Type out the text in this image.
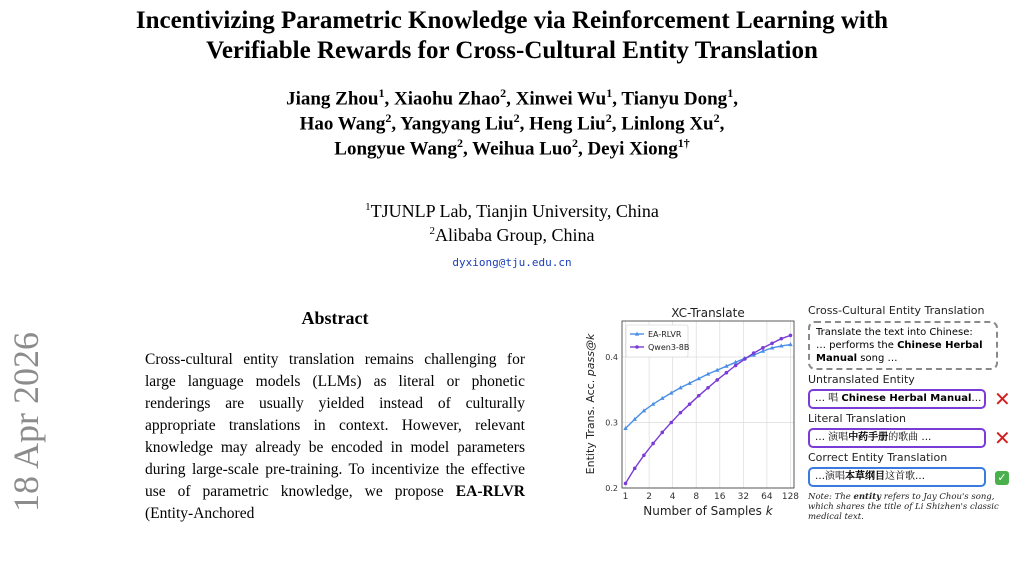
Incentivizing Parametric Knowledge via Reinforcement Learning with
Verifiable Rewards for Cross-Cultural Entity Translation
Jiang Zhou$^1$, Xiaohu Zhao$^2$, Xinwei Wu$^1$, Tianyu Dong$^1$,
Hao Wang$^2$, Yangyang Liu$^2$, Heng Liu$^2$, Linlong Xu$^2$,
Longyue Wang$^2$, Weihua Luo$^2$, Deyi Xiong$^{1\dagger}$
$^1$TJUNLP Lab, Tianjin University, China
$^2$Alibaba Group, China
dyxiong@tju.edu.cn
18 Apr 2026
Abstract
Cross-cultural entity translation remains challenging for large language models (LLMs) as literal or phonetic renderings are usually yielded instead of culturally appropriate translations in context. However, relevant knowledge may already be encoded in model parameters during large-scale pre-training. To incentivize the effective use of parametric knowledge, we propose EA-RLVR (Entity-Anchored
XC-Translate
0.2
0.3
0.4
1 2 4 8 16 32 64 128
Entity Trans. Acc. pass@k
Number of Samples k
EA-RLVR
Qwen3-8B
Cross-Cultural Entity Translation
Translate the text into Chinese:
… performs the Chinese Herbal Manual song …
Untranslated Entity
… 唱 Chinese Herbal Manual… ✕
Literal Translation
… 演唱中药手册的歌曲 …	✕
Correct Entity Translation
…演唱本草纲目这首歌…	✓
Note: The entity refers to Jay Chou's song, which shares the title of Li Shizhen's classic medical text.
